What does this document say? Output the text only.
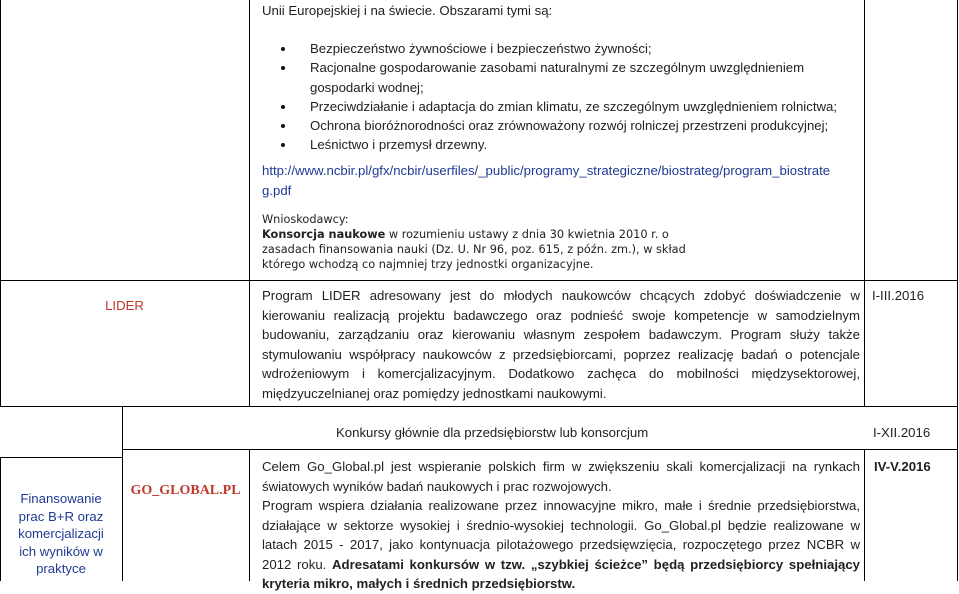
Unii Europejskiej i na świecie. Obszarami tymi są:
Bezpieczeństwo żywnościowe i bezpieczeństwo żywności;
Racjonalne gospodarowanie zasobami naturalnymi ze szczególnym uwzględnieniem gospodarki wodnej;
Przeciwdziałanie i adaptacja do zmian klimatu, ze szczególnym uwzględnieniem rolnictwa;
Ochrona bioróżnorodności oraz zrównoważony rozwój rolniczej przestrzeni produkcyjnej;
Leśnictwo i przemysł drzewny.
http://www.ncbir.pl/gfx/ncbir/userfiles/_public/programy_strategiczne/biostrateg/program_biostrate
g.pdf
Wnioskodawcy:
Konsorcja naukowe w rozumieniu ustawy z dnia 30 kwietnia 2010 r. o zasadach finansowania nauki (Dz. U. Nr 96, poz. 615, z późn. zm.), w skład którego wchodzą co najmniej trzy jednostki organizacyjne.
LIDER
Program LIDER adresowany jest do młodych naukowców chcących zdobyć doświadczenie w kierowaniu realizacją projektu badawczego oraz podnieść swoje kompetencje w samodzielnym budowaniu, zarządzaniu oraz kierowaniu własnym zespołem badawczym. Program służy także stymulowaniu współpracy naukowców z przedsiębiorcami, poprzez realizację badań o potencjale wdrożeniowym i komercjalizacyjnym. Dodatkowo zachęca do mobilności międzysektorowej, międzyuczelnianej oraz pomiędzy jednostkami naukowymi.
I-III.2016
Konkursy głównie dla przedsiębiorstw lub konsorcjum	I-XII.2016
Finansowanie
prac B+R oraz
komercjalizacji
ich wyników w
praktyce
GO_GLOBAL.PL
Celem Go_Global.pl jest wspieranie polskich firm w zwiększeniu skali komercjalizacji na rynkach światowych wyników badań naukowych i prac rozwojowych.
Program wspiera działania realizowane przez innowacyjne mikro, małe i średnie przedsiębiorstwa, działające w sektorze wysokiej i średnio-wysokiej technologii. Go_Global.pl będzie realizowane w latach 2015 - 2017, jako kontynuacja pilotażowego przedsięwzięcia, rozpoczętego przez NCBR w 2012 roku. Adresatami konkursów w tzw. „szybkiej ścieżce” będą przedsiębiorcy spełniający kryteria mikro, małych i średnich przedsiębiorstw.
IV-V.2016
